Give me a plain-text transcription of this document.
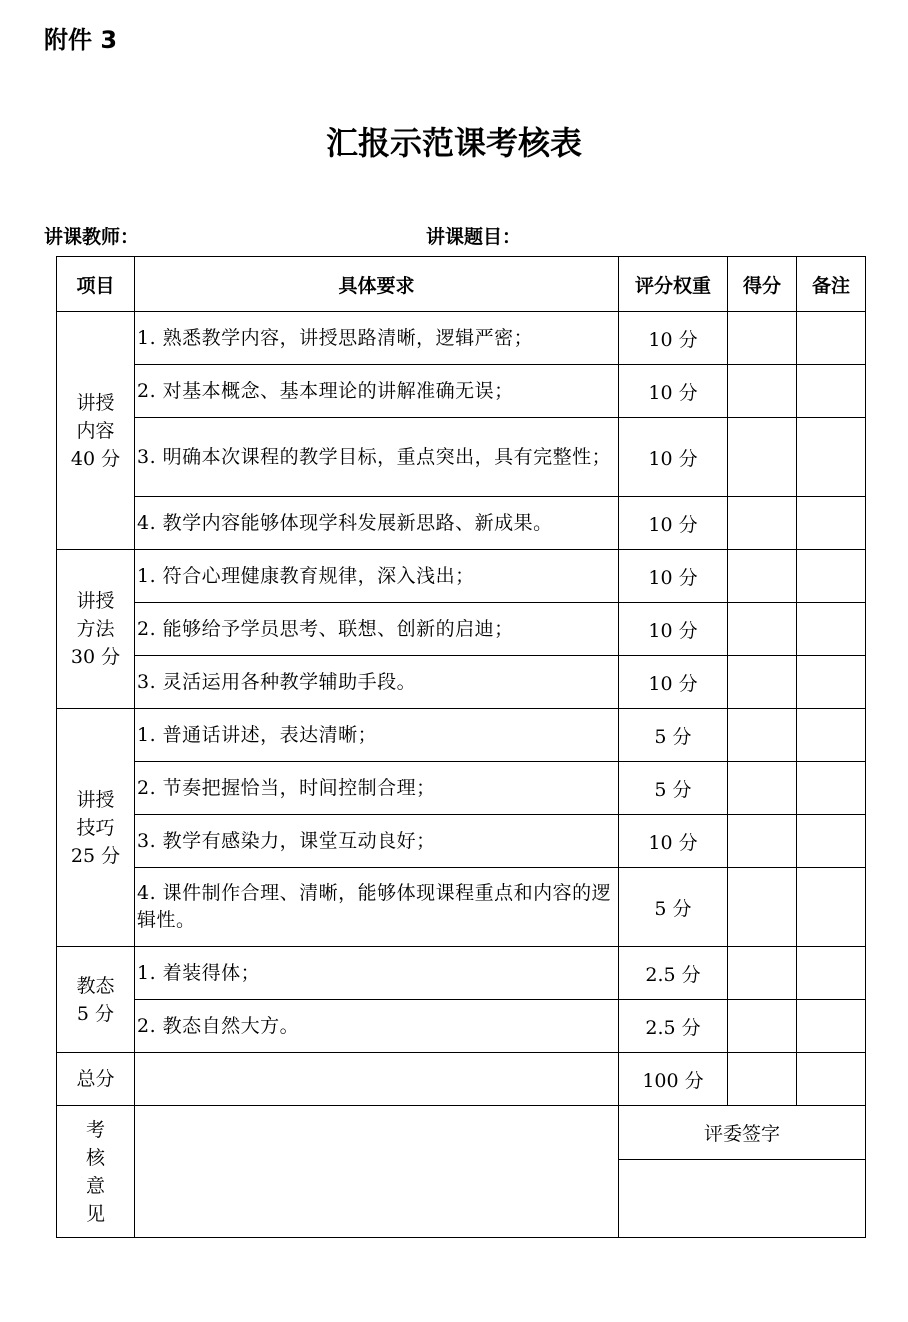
附件 3
汇报示范课考核表
讲课教师：	讲课题目：
项目	具体要求	评分权重	得分	备注

讲授
内容
40 分	1. 熟悉教学内容，讲授思路清晰，逻辑严密；	10 分		
	2. 对基本概念、基本理论的讲解准确无误；	10 分		
	3. 明确本次课程的教学目标，重点突出，具有完整性；	10 分		
	4. 教学内容能够体现学科发展新思路、新成果。	10 分		

讲授
方法
30 分	1. 符合心理健康教育规律，深入浅出；	10 分		
	2. 能够给予学员思考、联想、创新的启迪；	10 分		
	3. 灵活运用各种教学辅助手段。	10 分		

讲授
技巧
25 分	1. 普通话讲述，表达清晰；	5 分		
	2. 节奏把握恰当，时间控制合理；	5 分		
	3. 教学有感染力，课堂互动良好；	10 分		
	4. 课件制作合理、清晰，能够体现课程重点和内容的逻辑性。	5 分		

教态
5 分	1. 着装得体；	2.5 分		
	2. 教态自然大方。	2.5 分		
总分		100 分		

考
核
意
见		评委签字		
